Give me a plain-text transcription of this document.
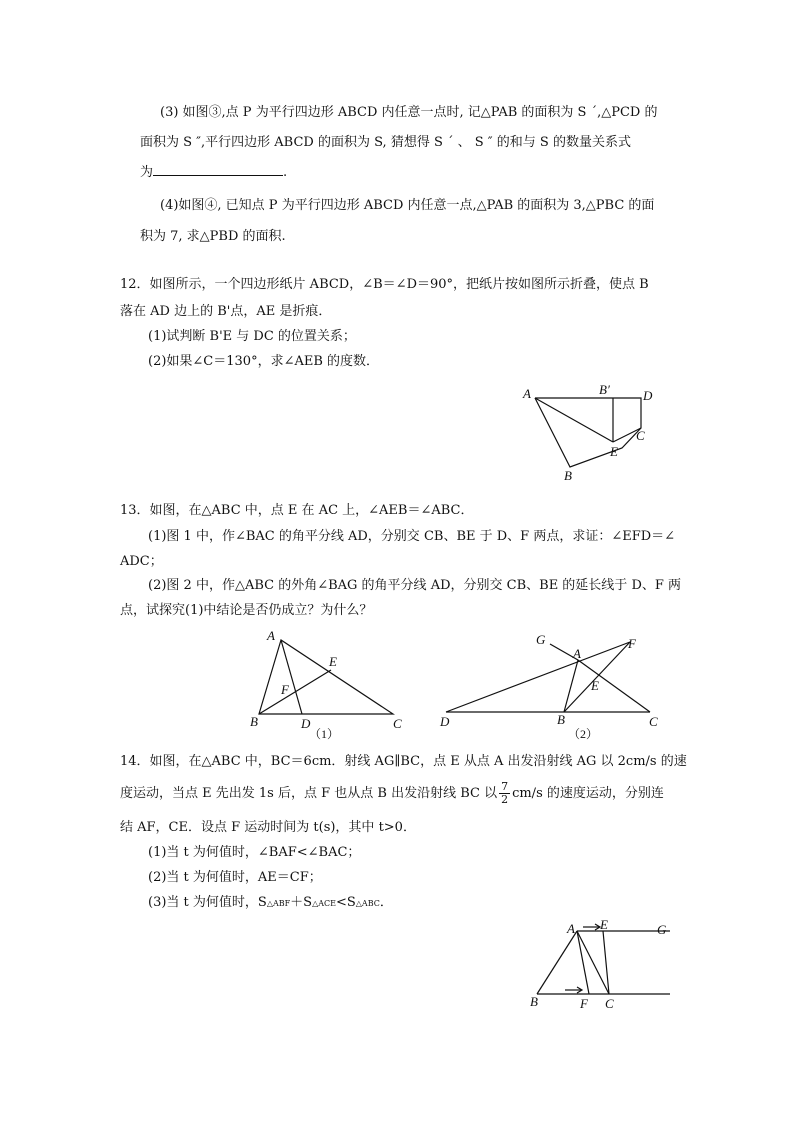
(3) 如图③,点 P 为平行四边形 ABCD 内任意一点时, 记△PAB 的面积为 S ´,△PCD 的
面积为 S ″,平行四边形 ABCD 的面积为 S, 猜想得 S ´ 、 S ″ 的和与 S 的数量关系式
为	.
(4)如图④, 已知点 P 为平行四边形 ABCD 内任意一点,△PAB 的面积为 3,△PBC 的面
积为 7, 求△PBD 的面积.
12．如图所示，一个四边形纸片 ABCD，∠B＝∠D＝90°，把纸片按如图所示折叠，使点 B
落在 AD 边上的 B'点，AE 是折痕．
(1)试判断 B'E 与 DC 的位置关系；
(2)如果∠C＝130°，求∠AEB 的度数．
A	B′	D
C
E
B
13．如图，在△ABC 中，点 E 在 AC 上，∠AEB＝∠ABC．
(1)图 1 中，作∠BAC 的角平分线 AD，分别交 CB、BE 于 D、F 两点，求证：∠EFD＝∠
ADC；
(2)图 2 中，作△ABC 的外角∠BAG 的角平分线 AD，分别交 CB、BE 的延长线于 D、F 两
点，试探究(1)中结论是否仍成立？为什么？
A
E
F
B	D	C
（1）
G
A
F
E
D	B	C
（2）
14．如图，在△ABC 中，BC＝6cm．射线 AG∥BC，点 E 从点 A 出发沿射线 AG 以 2cm/s 的速
度运动，当点 E 先出发 1s 后，点 F 也从点 B 出发沿射线 BC 以 $\frac{7}{2} cm/s$ 的速度运动，分别连
结 AF，CE．设点 F 运动时间为 t(s)，其中 t>0．
(1)当 t 为何值时，∠BAF<∠BAC；
(2)当 t 为何值时，AE＝CF；
(3)当 t 为何值时，S△ABF＋S△ACE<S△ABC．
A E	G
B	F C
